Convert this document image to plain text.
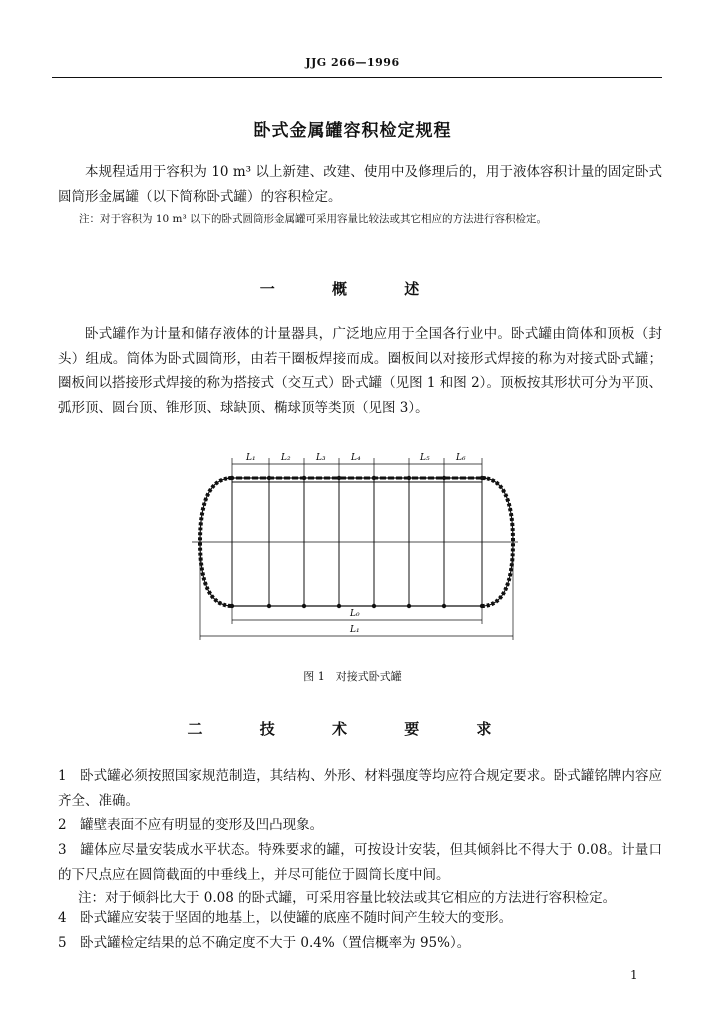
JJG 266—1996
卧式金属罐容积检定规程
本规程适用于容积为 10 m³ 以上新建、改建、使用中及修理后的，用于液体容积计量的固定卧式圆筒形金属罐（以下简称卧式罐）的容积检定。
注：对于容积为 10 m³ 以下的卧式圆筒形金属罐可采用容量比较法或其它相应的方法进行容积检定。
一 概 述
卧式罐作为计量和储存液体的计量器具，广泛地应用于全国各行业中。卧式罐由筒体和顶板（封头）组成。筒体为卧式圆筒形，由若干圈板焊接而成。圈板间以对接形式焊接的称为对接式卧式罐；圈板间以搭接形式焊接的称为搭接式（交互式）卧式罐（见图 1 和图 2）。顶板按其形状可分为平顶、弧形顶、圆台顶、锥形顶、球缺顶、椭球顶等类顶（见图 3）。
L₁	L₂	L₃	L₄	L₅	L₆
L₀
L₁
图 1　对接式卧式罐
二 技 术 要 求
1　卧式罐必须按照国家规范制造，其结构、外形、材料强度等均应符合规定要求。卧式罐铭牌内容应齐全、准确。
2　罐壁表面不应有明显的变形及凹凸现象。
3　罐体应尽量安装成水平状态。特殊要求的罐，可按设计安装，但其倾斜比不得大于 0.08。计量口的下尺点应在圆筒截面的中垂线上，并尽可能位于圆筒长度中间。
注：对于倾斜比大于 0.08 的卧式罐，可采用容量比较法或其它相应的方法进行容积检定。
4　卧式罐应安装于坚固的地基上，以使罐的底座不随时间产生较大的变形。
5　卧式罐检定结果的总不确定度不大于 0.4%（置信概率为 95%）。
1
